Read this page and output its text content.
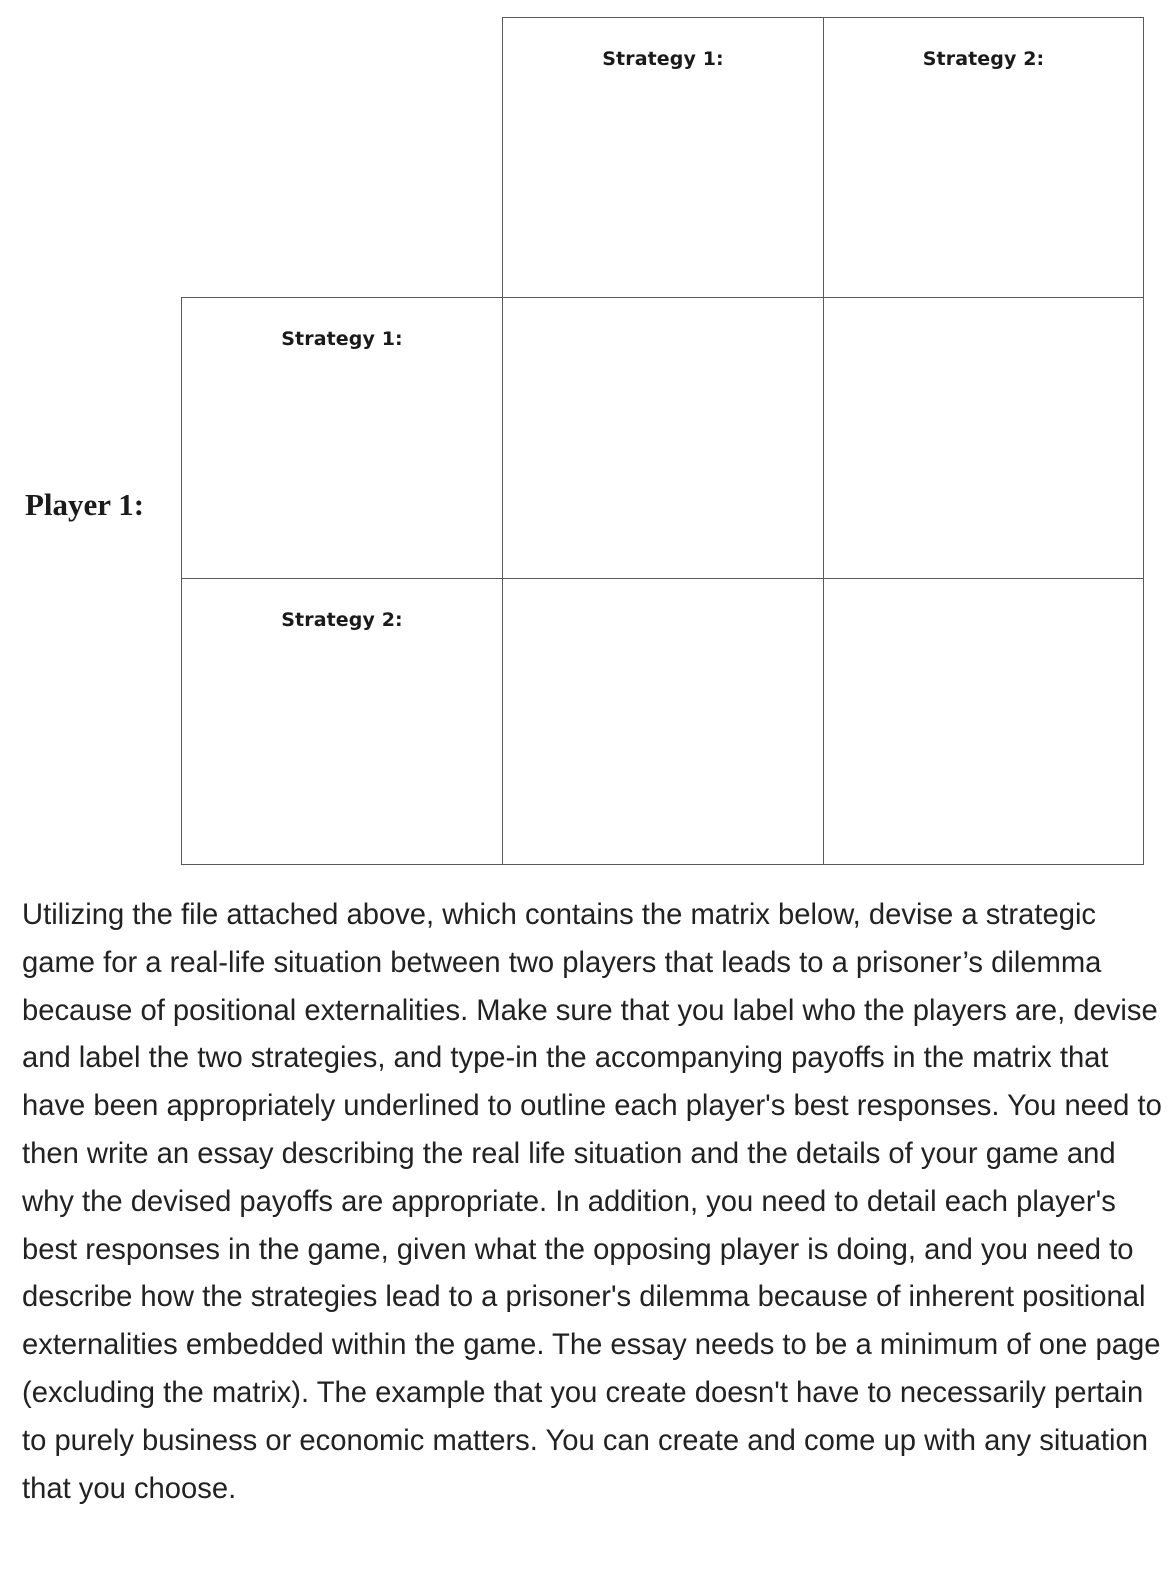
Strategy 1:	Strategy 2:
Strategy 1:
Strategy 2:
Player 1:

Utilizing the file attached above, which contains the matrix below, devise a strategic game for a real-life situation between two players that leads to a prisoner’s dilemma because of positional externalities. Make sure that you label who the players are, devise and label the two strategies, and type-in the accompanying payoffs in the matrix that have been appropriately underlined to outline each player's best responses. You need to then write an essay describing the real life situation and the details of your game and why the devised payoffs are appropriate. In addition, you need to detail each player's best responses in the game, given what the opposing player is doing, and you need to describe how the strategies lead to a prisoner's dilemma because of inherent positional externalities embedded within the game. The essay needs to be a minimum of one page (excluding the matrix). The example that you create doesn't have to necessarily pertain to purely business or economic matters. You can create and come up with any situation that you choose.
